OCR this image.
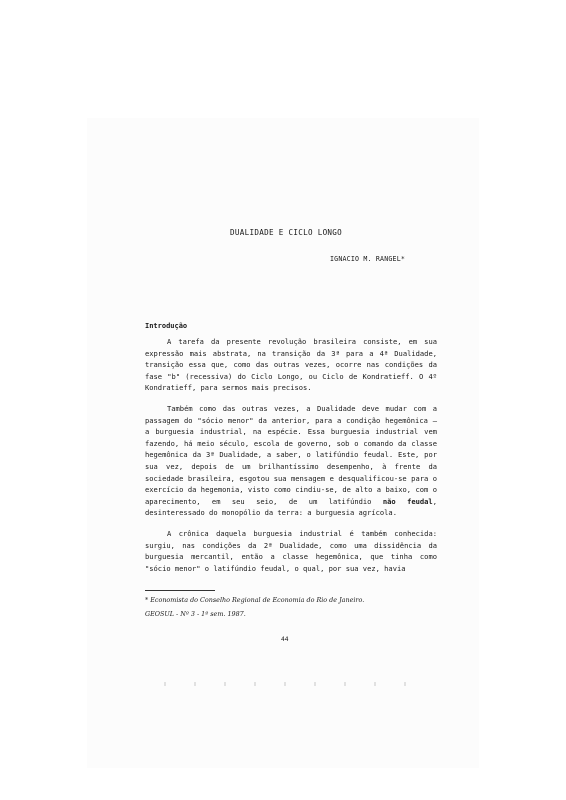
DUALIDADE E CICLO LONGO

IGNACIO M. RANGEL*

Introdução

A tarefa da presente revolução brasileira consiste, em sua expressão mais abstrata, na transição da 3ª para a 4ª Dualidade, transição essa que, como das outras vezes, ocorre nas condições da fase "b" (recessiva) do Ciclo Longo, ou Ciclo de Kondratieff. O 4º Kondratieff, para sermos mais precisos.

Também como das outras vezes, a Dualidade deve mudar com a passagem do "sócio menor" da anterior, para a condição hegemônica — a burguesia industrial, na espécie. Essa burguesia industrial vem fazendo, há meio século, escola de governo, sob o comando da classe hegemônica da 3ª Dualidade, a saber, o latifúndio feudal. Este, por sua vez, depois de um brilhantíssimo desempenho, à frente da sociedade brasileira, esgotou sua mensagem e desqualificou-se para o exercício da hegemonia, visto como cindiu-se, de alto a baixo, com o aparecimento, em seu seio, de um latifúndio não feudal, desinteressado do monopólio da terra: a burguesia agrícola.

A crônica daquela burguesia industrial é também conhecida: surgiu, nas condições da 2ª Dualidade, como uma dissidência da burguesia mercantil, então a classe hegemônica, que tinha como "sócio menor" o latifúndio feudal, o qual, por sua vez, havia

* Economista do Conselho Regional de Economia do Rio de Janeiro.

GEOSUL - Nº 3 - 1º sem. 1987.

44
